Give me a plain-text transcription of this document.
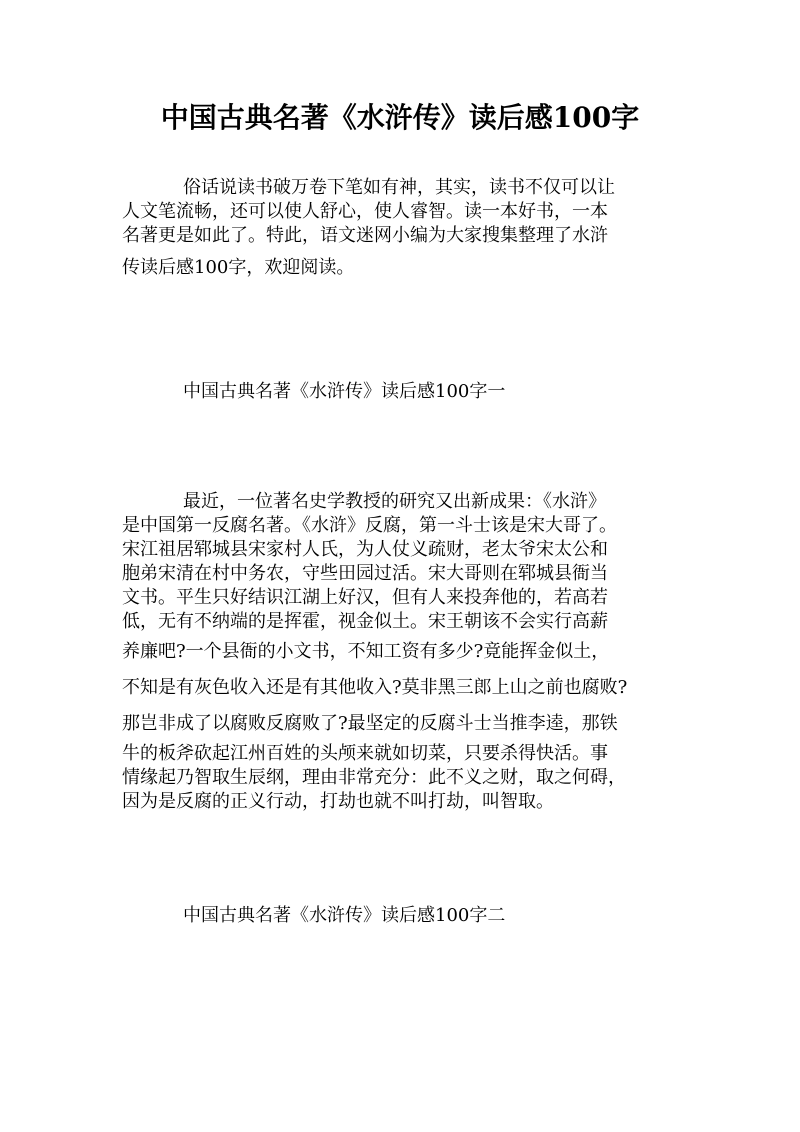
中国古典名著《水浒传》读后感100字

俗话说读书破万卷下笔如有神，其实，读书不仅可以让

人文笔流畅，还可以使人舒心，使人睿智。读一本好书，一本

名著更是如此了。特此，语文迷网小编为大家搜集整理了水浒

传读后感100字，欢迎阅读。

中国古典名著《水浒传》读后感100字一

最近，一位著名史学教授的研究又出新成果：《水浒》

是中国第一反腐名著。《水浒》反腐，第一斗士该是宋大哥了。

宋江祖居郓城县宋家村人氏，为人仗义疏财，老太爷宋太公和

胞弟宋清在村中务农，守些田园过活。宋大哥则在郓城县衙当

文书。平生只好结识江湖上好汉，但有人来投奔他的，若高若

低，无有不纳端的是挥霍，视金似土。宋王朝该不会实行高薪

养廉吧?一个县衙的小文书，不知工资有多少?竟能挥金似土，

不知是有灰色收入还是有其他收入?莫非黑三郎上山之前也腐败?

那岂非成了以腐败反腐败了?最坚定的反腐斗士当推李逵，那铁

牛的板斧砍起江州百姓的头颅来就如切菜，只要杀得快活。事

情缘起乃智取生辰纲，理由非常充分：此不义之财，取之何碍，

因为是反腐的正义行动，打劫也就不叫打劫，叫智取。

中国古典名著《水浒传》读后感100字二
